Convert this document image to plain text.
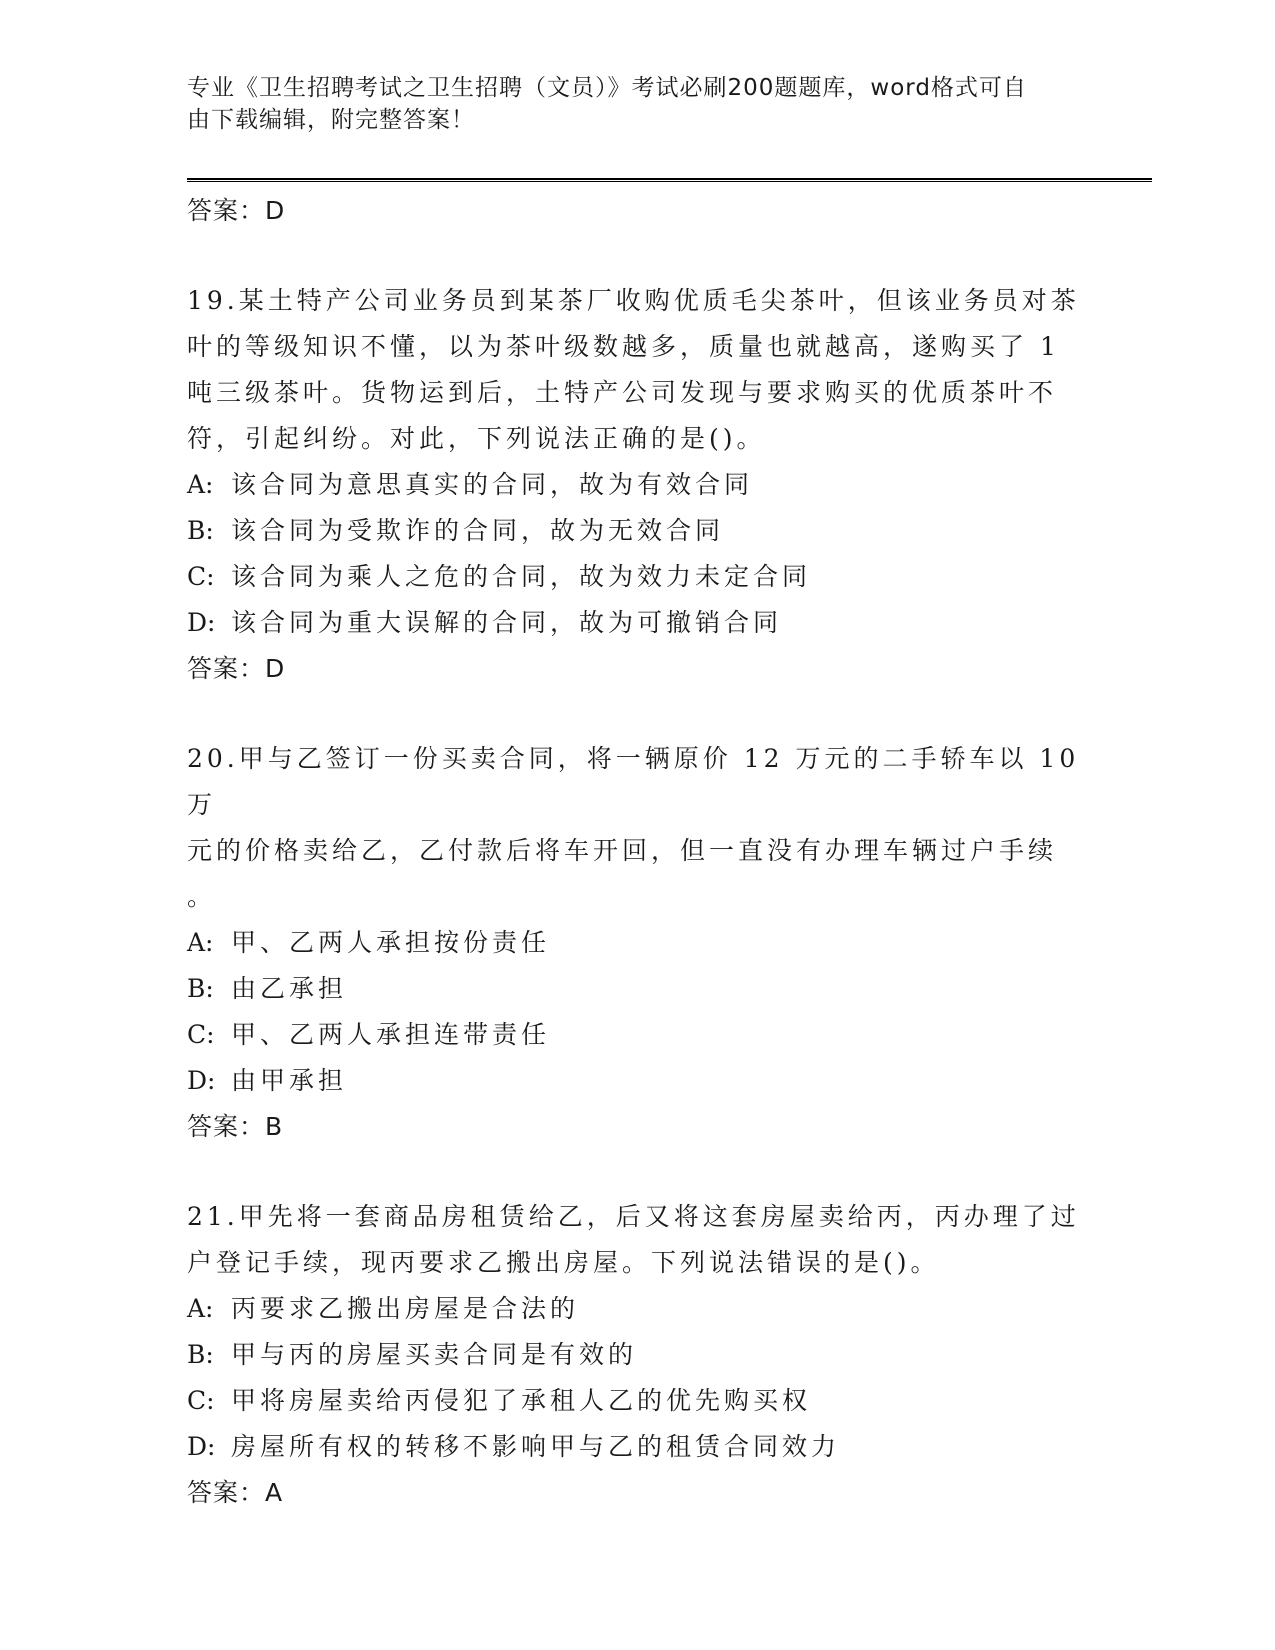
专业《卫生招聘考试之卫生招聘（文员）》考试必刷200题题库，word格式可自
由下载编辑，附完整答案！
答案：D

19.某土特产公司业务员到某茶厂收购优质毛尖茶叶，但该业务员对茶

叶的等级知识不懂，以为茶叶级数越多，质量也就越高，遂购买了 1

吨三级茶叶。货物运到后，土特产公司发现与要求购买的优质茶叶不

符，引起纠纷。对此，下列说法正确的是()。

A: 该合同为意思真实的合同，故为有效合同

B: 该合同为受欺诈的合同，故为无效合同

C: 该合同为乘人之危的合同，故为效力未定合同

D: 该合同为重大误解的合同，故为可撤销合同

答案：D

20.甲与乙签订一份买卖合同，将一辆原价 12 万元的二手轿车以 10 万

元的价格卖给乙，乙付款后将车开回，但一直没有办理车辆过户手续

。

A: 甲、乙两人承担按份责任

B: 由乙承担

C: 甲、乙两人承担连带责任

D: 由甲承担

答案：B

21.甲先将一套商品房租赁给乙，后又将这套房屋卖给丙，丙办理了过

户登记手续，现丙要求乙搬出房屋。下列说法错误的是()。

A: 丙要求乙搬出房屋是合法的

B: 甲与丙的房屋买卖合同是有效的

C: 甲将房屋卖给丙侵犯了承租人乙的优先购买权

D: 房屋所有权的转移不影响甲与乙的租赁合同效力

答案：A
